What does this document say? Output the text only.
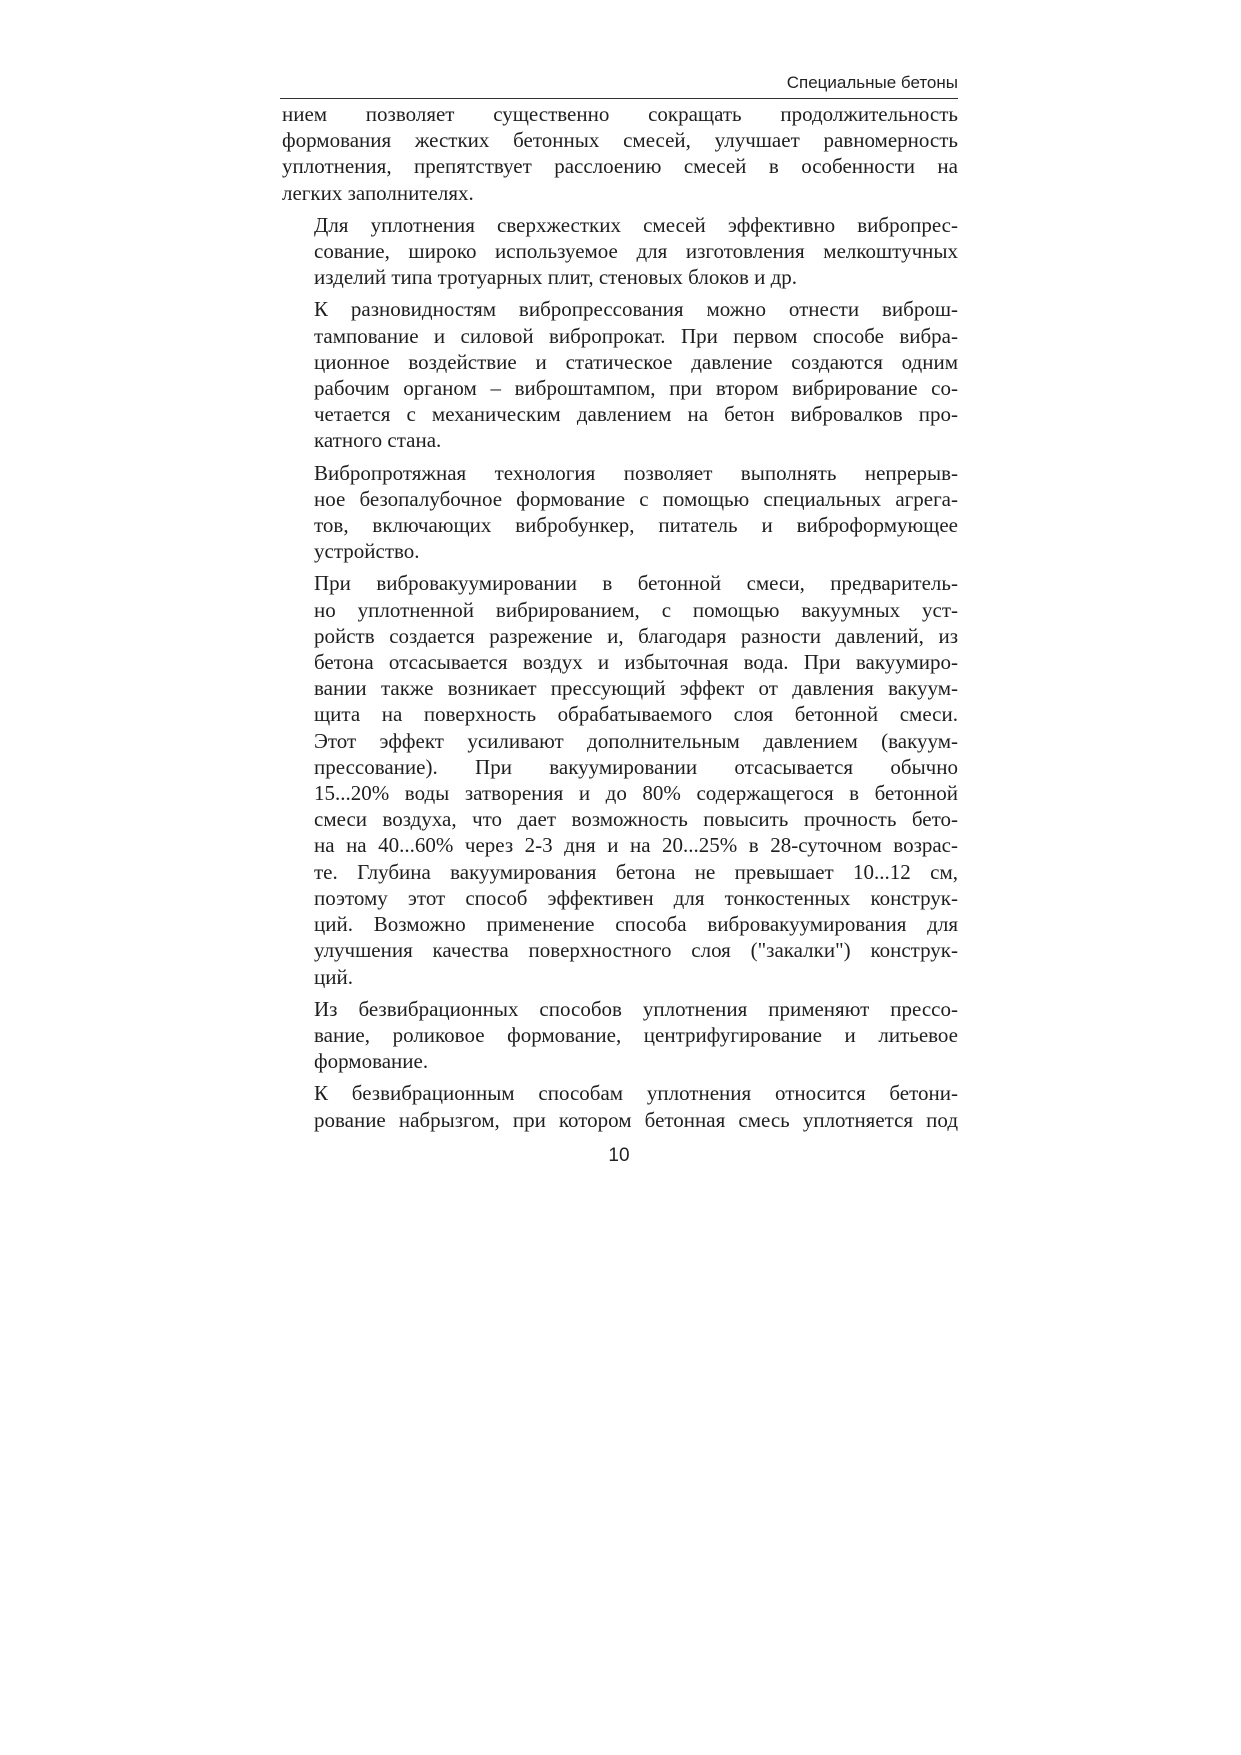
Специальные бетоны

нием позволяет существенно сокращать продолжительность
формования жестких бетонных смесей, улучшает равномерность
уплотнения, препятствует расслоению смесей в особенности на
легких заполнителях.

Для уплотнения сверхжестких смесей эффективно вибропрес-
сование, широко используемое для изготовления мелкоштучных
изделий типа тротуарных плит, стеновых блоков и др.

К разновидностям вибропрессования можно отнести виброш-
тампование и силовой вибропрокат. При первом способе вибра-
ционное воздействие и статическое давление создаются одним
рабочим органом – виброштампом, при втором вибрирование со-
четается с механическим давлением на бетон вибровалков про-
катного стана.

Вибропротяжная технология позволяет выполнять непрерыв-
ное безопалубочное формование с помощью специальных агрега-
тов, включающих вибробункер, питатель и виброформующее
устройство.

При вибровакуумировании в бетонной смеси, предваритель-
но уплотненной вибрированием, с помощью вакуумных уст-
ройств создается разрежение и, благодаря разности давлений, из
бетона отсасывается воздух и избыточная вода. При вакуумиро-
вании также возникает прессующий эффект от давления вакуум-
щита на поверхность обрабатываемого слоя бетонной смеси.
Этот эффект усиливают дополнительным давлением (вакуум-
прессование). При вакуумировании отсасывается обычно
15...20% воды затворения и до 80% содержащегося в бетонной
смеси воздуха, что дает возможность повысить прочность бето-
на на 40...60% через 2-3 дня и на 20...25% в 28-суточном возрас-
те. Глубина вакуумирования бетона не превышает 10...12 см,
поэтому этот способ эффективен для тонкостенных конструк-
ций. Возможно применение способа вибровакуумирования для
улучшения качества поверхностного слоя ("закалки") конструк-
ций.

Из безвибрационных способов уплотнения применяют прессо-
вание, роликовое формование, центрифугирование и литьевое
формование.

К безвибрационным способам уплотнения относится бетони-
рование набрызгом, при котором бетонная смесь уплотняется под

10
